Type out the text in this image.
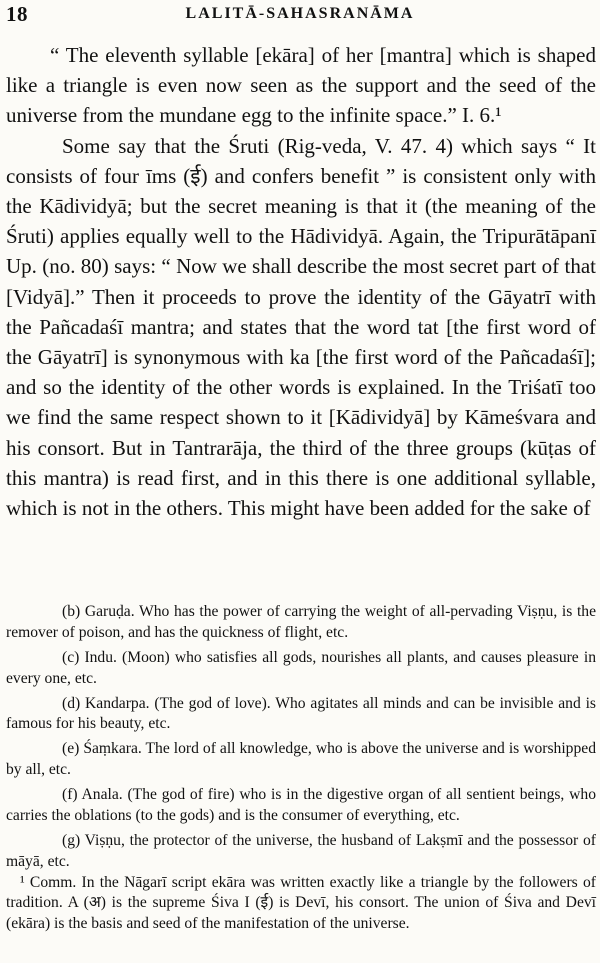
18	LALITĀ-SAHASRANĀMA

“ The eleventh syllable [ekāra] of her [mantra] which is shaped like a triangle is even now seen as the support and the seed of the universe from the mundane egg to the infinite space.” I. 6.¹

Some say that the Śruti (Rig-veda, V. 47. 4) which says “ It consists of four īms (ई) and confers benefit ” is consistent only with the Kādividyā; but the secret meaning is that it (the meaning of the Śruti) applies equally well to the Hādividyā. Again, the Tripurātāpanī Up. (no. 80) says: “ Now we shall describe the most secret part of that [Vidyā].” Then it proceeds to prove the identity of the Gāyatrī with the Pañcadaśī mantra; and states that the word tat [the first word of the Gāyatrī] is synonymous with ka [the first word of the Pañcadaśī]; and so the identity of the other words is explained. In the Triśatī too we find the same respect shown to it [Kādividyā] by Kāmeśvara and his consort. But in Tantrarāja, the third of the three groups (kūṭas of this mantra) is read first, and in this there is one additional syllable, which is not in the others. This might have been added for the sake of

(b) Garuḍa. Who has the power of carrying the weight of all-pervading Viṣṇu, is the remover of poison, and has the quickness of flight, etc.

(c) Indu. (Moon) who satisfies all gods, nourishes all plants, and causes pleasure in every one, etc.

(d) Kandarpa. (The god of love). Who agitates all minds and can be invisible and is famous for his beauty, etc.

(e) Śaṃkara. The lord of all knowledge, who is above the universe and is worshipped by all, etc.

(f) Anala. (The god of fire) who is in the digestive organ of all sentient beings, who carries the oblations (to the gods) and is the consumer of everything, etc.

(g) Viṣṇu, the protector of the universe, the husband of Lakṣmī and the possessor of māyā, etc.

¹ Comm. In the Nāgarī script ekāra was written exactly like a triangle by the followers of tradition. A (अ) is the supreme Śiva I (ई) is Devī, his consort. The union of Śiva and Devī (ekāra) is the basis and seed of the manifestation of the universe.
